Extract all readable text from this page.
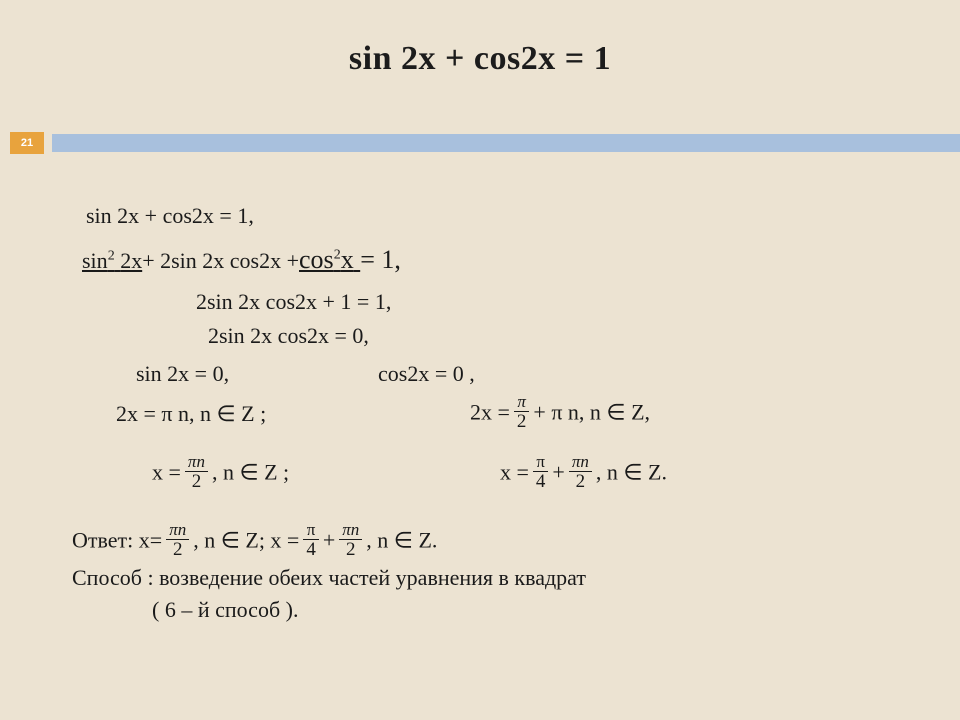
sin 2x + cos2x = 1
21
sin 2x + cos2x = 1,
$\sin^2 2x+ 2\sin$ 2x $\cos 2x +\cos^2x = 1$,
2sin 2x cos2x + 1 = 1,
2sin 2x cos2x = 0,
sin 2x = 0,	cos2x = 0 ,
2x = π n, n ∈ Z ;	$2x = \frac{\pi}{2} + \pi$ n, n ∈ Z,
$x = \frac{\pi n}{2}$ , n ∈ Z ;	$x = \frac{\pi}{4} + \frac{\pi n}{2}$ , n ∈ Z.
Ответ: $x= \frac{\pi n}{2}$ , n ∈ Z; $x = \frac{\pi}{4} + \frac{\pi n}{2}$ , n ∈ Z.
Способ : возведение обеих частей уравнения в квадрат
( 6 – й способ ).
